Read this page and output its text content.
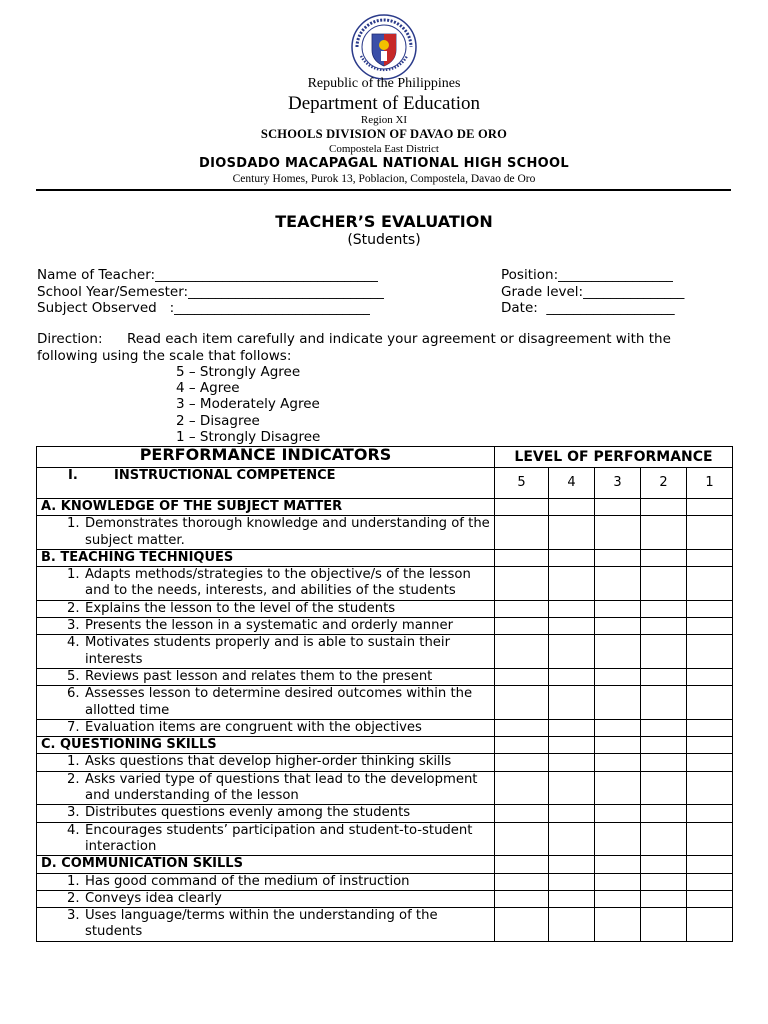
Republic of the Philippines
Department of Education
Region XI
SCHOOLS DIVISION OF DAVAO DE ORO
Compostela East District
DIOSDADO MACAPAGAL NATIONAL HIGH SCHOOL
Century Homes, Purok 13, Poblacion, Compostela, Davao de Oro
TEACHER’S EVALUATION
(Students)
Name of Teacher:_________________________________
School Year/Semester:_____________________________
Subject Observed   :_____________________________
Position:_________________
Grade level:_______________
Date:  ___________________
Direction: Read each item carefully and indicate your agreement or disagreement with the following using the scale that follows:
5 – Strongly Agree
4 – Agree
3 – Moderately Agree
2 – Disagree
1 – Strongly Disagree
PERFORMANCE INDICATORS	LEVEL OF PERFORMANCE				

I. INSTRUCTIONAL COMPETENCE	5	4	3	2	1
A. KNOWLEDGE OF THE SUBJECT MATTER					

1. Demonstrates thorough knowledge and understanding of the subject matter.					

B. TEACHING TECHNIQUES					

1. Adapts methods/strategies to the objective/s of the lesson and to the needs, interests, and abilities of the students					

2. Explains the lesson to the level of the students					

3. Presents the lesson in a systematic and orderly manner					

4. Motivates students properly and is able to sustain their interests					

5. Reviews past lesson and relates them to the present					

6. Assesses lesson to determine desired outcomes within the allotted time					

7. Evaluation items are congruent with the objectives					

C. QUESTIONING SKILLS					

1. Asks questions that develop higher-order thinking skills					

2. Asks varied type of questions that lead to the development and understanding of the lesson					

3. Distributes questions evenly among the students					

4. Encourages students’ participation and student-to-student interaction					

D. COMMUNICATION SKILLS					

1. Has good command of the medium of instruction					

2. Conveys idea clearly					

3. Uses language/terms within the understanding of the students					
